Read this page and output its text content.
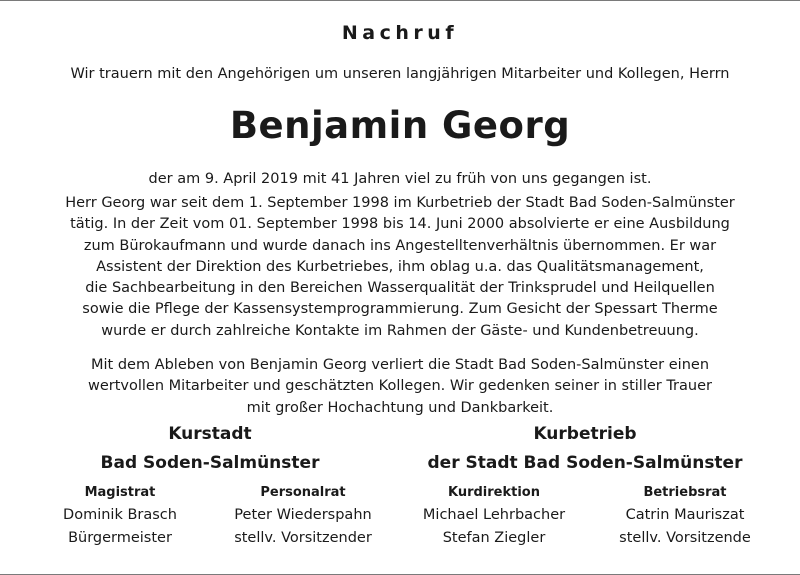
Nachruf
Wir trauern mit den Angehörigen um unseren langjährigen Mitarbeiter und Kollegen, Herrn
Benjamin Georg
der am 9. April 2019 mit 41 Jahren viel zu früh von uns gegangen ist.
Herr Georg war seit dem 1. September 1998 im Kurbetrieb der Stadt Bad Soden-Salmünster
tätig. In der Zeit vom 01. September 1998 bis 14. Juni 2000 absolvierte er eine Ausbildung
zum Bürokaufmann und wurde danach ins Angestelltenverhältnis übernommen. Er war
Assistent der Direktion des Kurbetriebes, ihm oblag u.a. das Qualitätsmanagement,
die Sachbearbeitung in den Bereichen Wasserqualität der Trinksprudel und Heilquellen
sowie die Pflege der Kassensystemprogrammierung. Zum Gesicht der Spessart Therme
wurde er durch zahlreiche Kontakte im Rahmen der Gäste- und Kundenbetreuung.
Mit dem Ableben von Benjamin Georg verliert die Stadt Bad Soden-Salmünster einen
wertvollen Mitarbeiter und geschätzten Kollegen. Wir gedenken seiner in stiller Trauer
mit großer Hochachtung und Dankbarkeit.
Kurstadt
Bad Soden-Salmünster
Kurbetrieb
der Stadt Bad Soden-Salmünster
Magistrat
Dominik Brasch
Bürgermeister
Personalrat
Peter Wiederspahn
stellv. Vorsitzender
Kurdirektion
Michael Lehrbacher
Stefan Ziegler
Betriebsrat
Catrin Mauriszat
stellv. Vorsitzende
